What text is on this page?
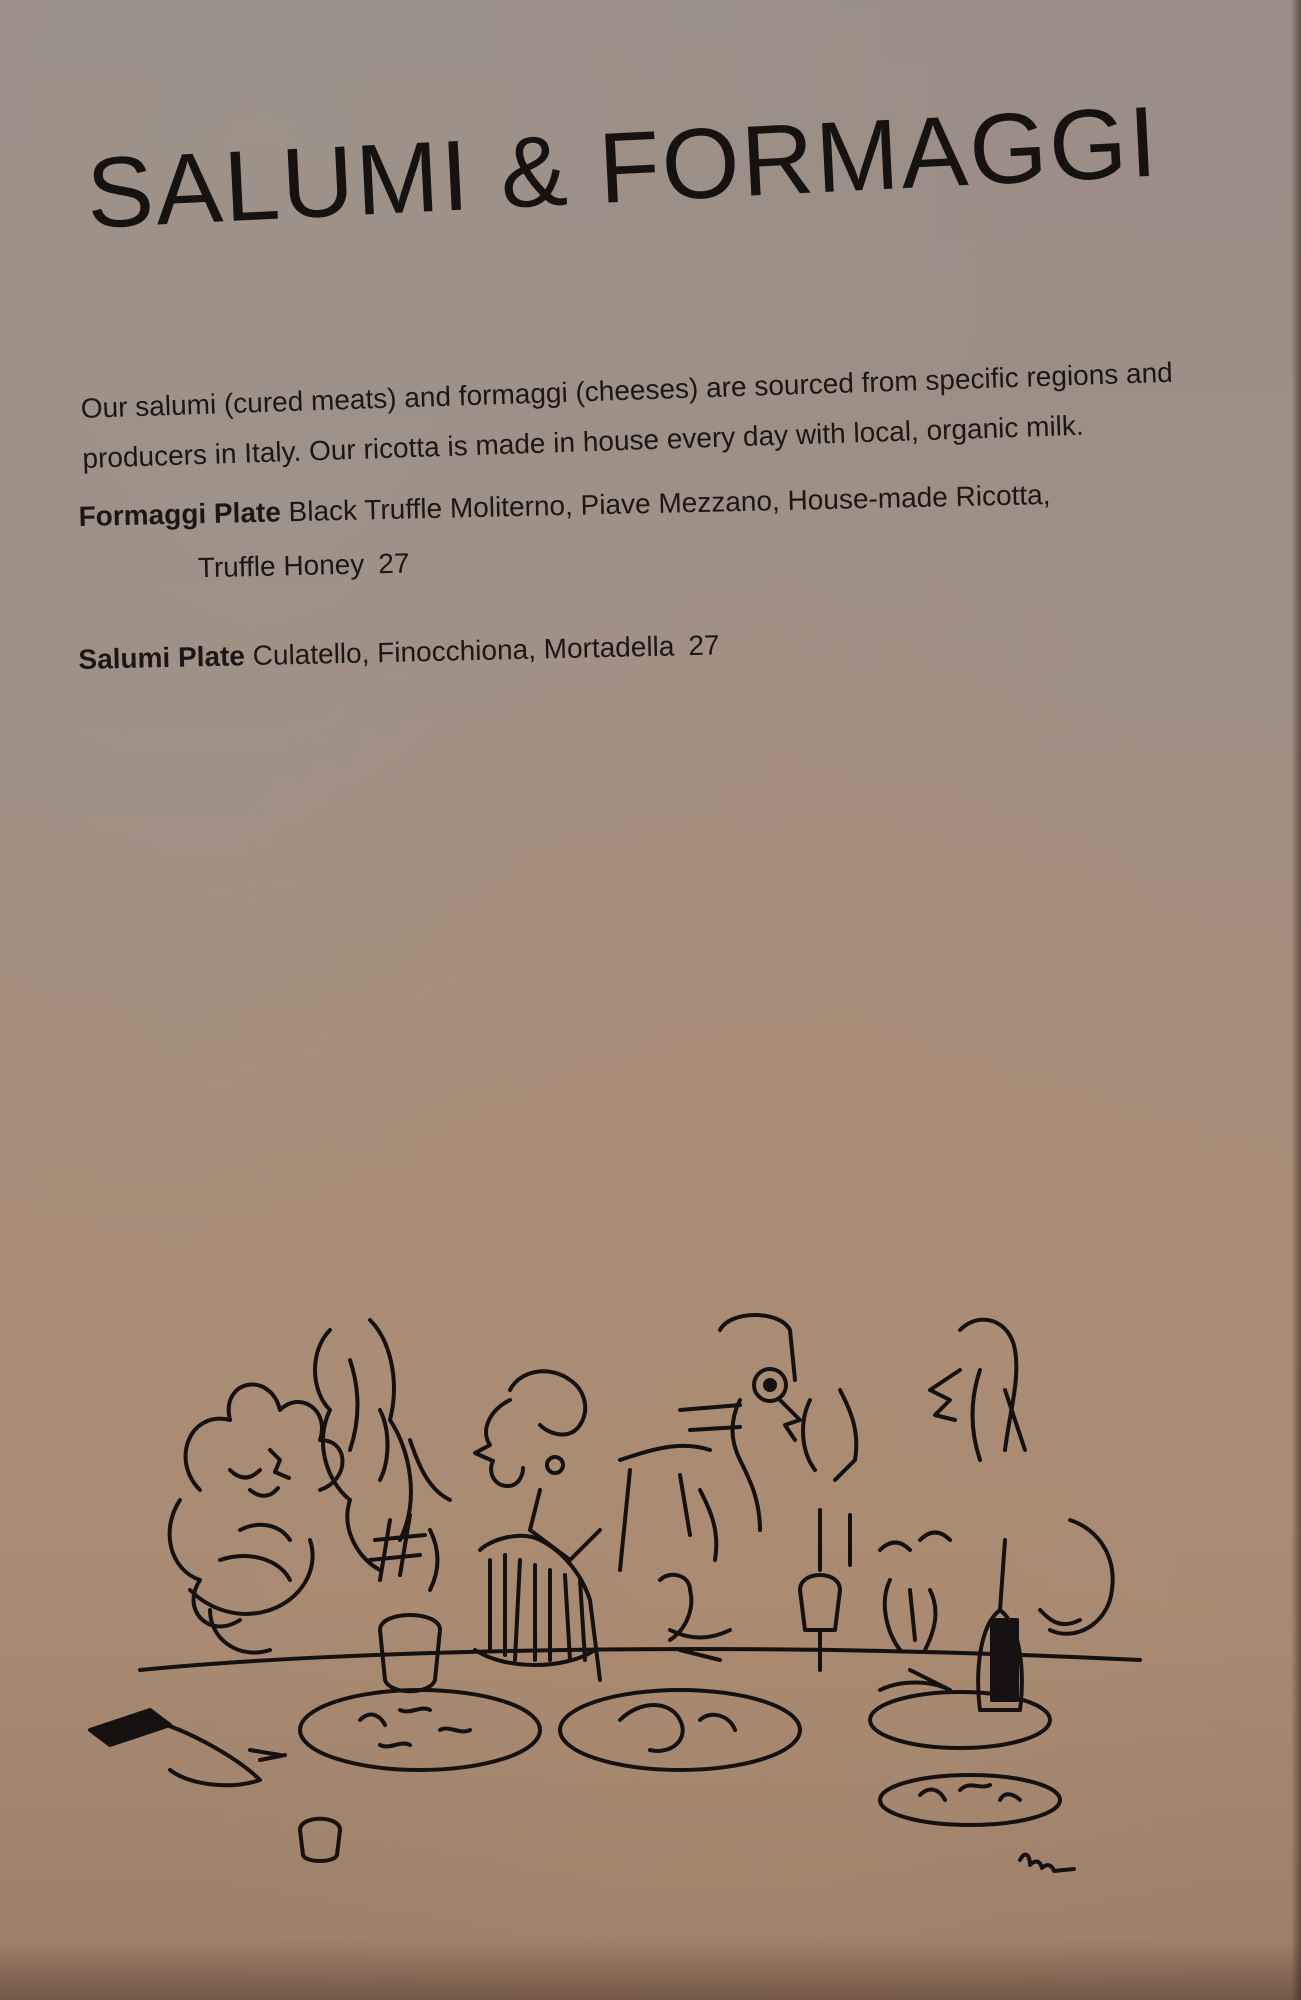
SALUMI & FORMAGGI

Our salumi (cured meats) and formaggi (cheeses) are sourced from specific regions and producers in Italy. Our ricotta is made in house every day with local, organic milk.

Formaggi Plate Black Truffle Moliterno, Piave Mezzano, House-made Ricotta,
Truffle Honey 27
Salumi Plate Culatello, Finocchiona, Mortadella 27
